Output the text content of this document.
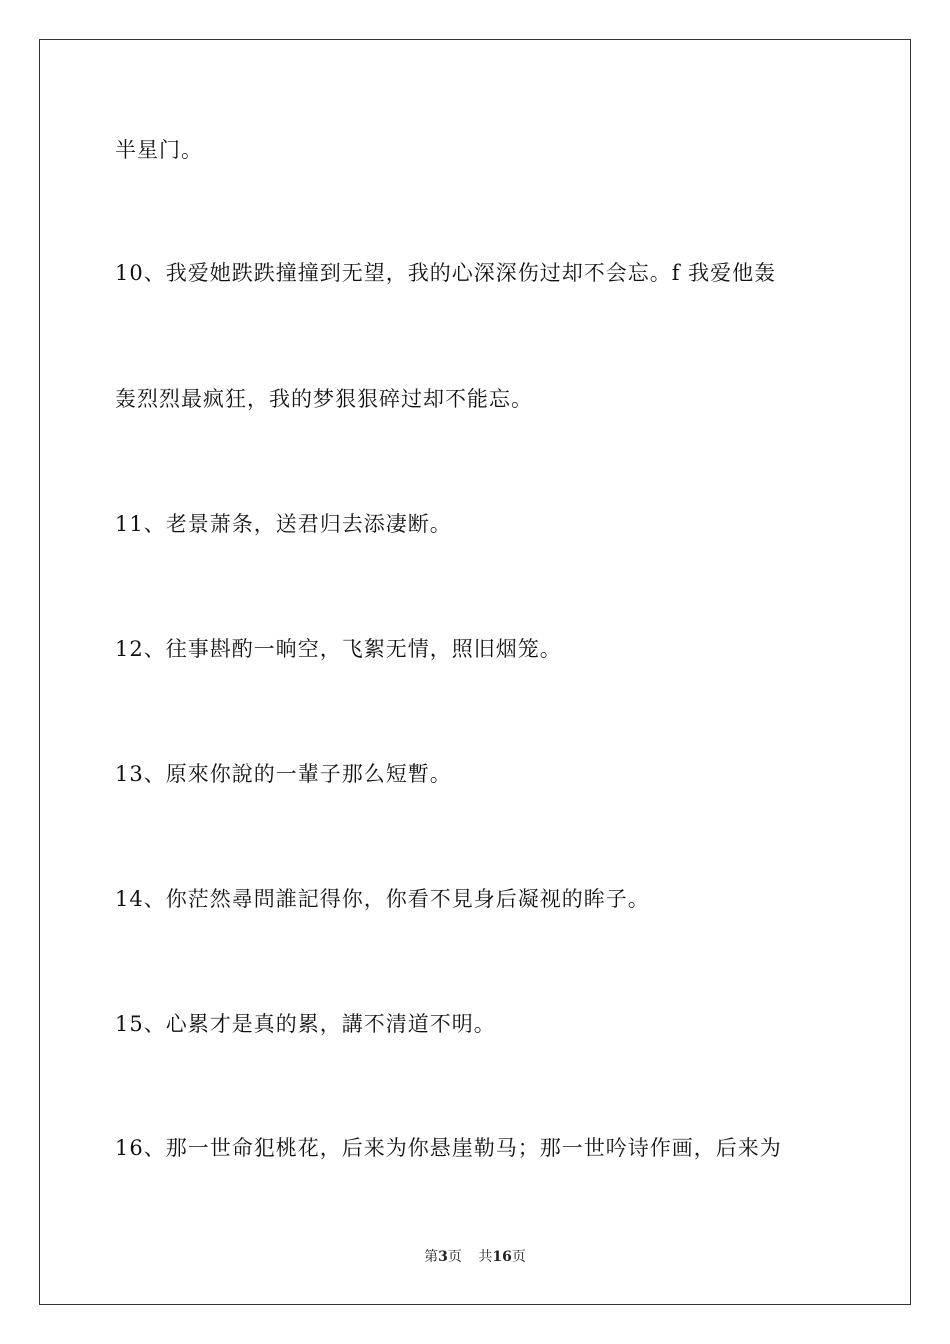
半星门。
10、我爱她跌跌撞撞到无望，我的心深深伤过却不会忘。f 我爱他轰
轰烈烈最疯狂，我的梦狠狠碎过却不能忘。
11、老景萧条，送君归去添凄断。
12、往事斟酌一晌空，飞絮无情，照旧烟笼。
13、原來你說的一輩子那么短暫。
14、你茫然尋問誰記得你，你看不見身后凝视的眸子。
15、心累才是真的累，講不清道不明。
16、那一世命犯桃花，后来为你悬崖勒马；那一世吟诗作画，后来为
第3页 共16页
